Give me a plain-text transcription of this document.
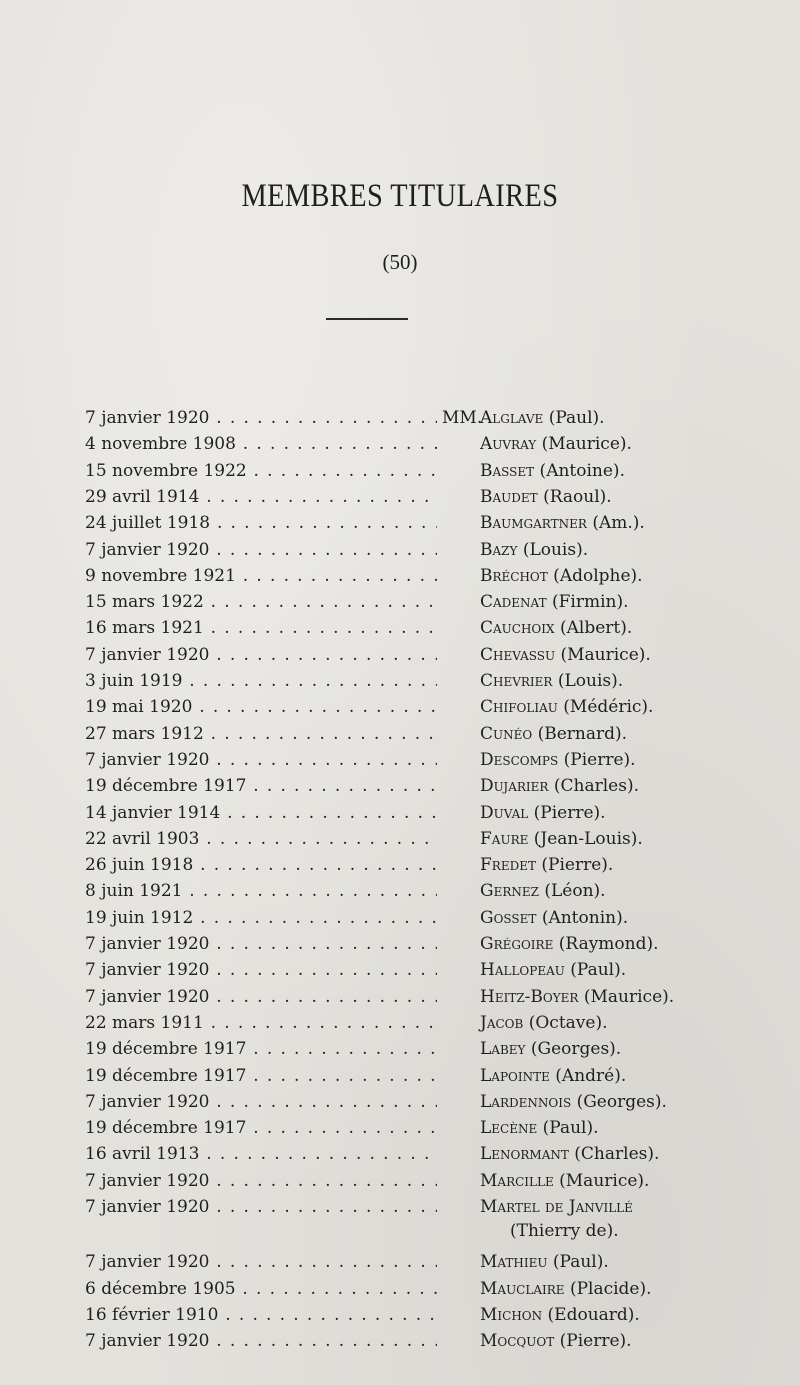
MEMBRES TITULAIRES
(50)
MM.
7 janvier 1920 . . .	Alglave (Paul).
4 novembre 1908 . . .	Auvray (Maurice).
15 novembre 1922 . . .	Basset (Antoine).
29 avril 1914 . . .	Baudet (Raoul).
24 juillet 1918 . . .	Baumgartner (Am.).
7 janvier 1920 . . .	Bazy (Louis).
9 novembre 1921 . . .	Bréchot (Adolphe).
15 mars 1922 . . .	Cadenat (Firmin).
16 mars 1921 . . .	Cauchoix (Albert).
7 janvier 1920 . . .	Chevassu (Maurice).
3 juin 1919 . . .	Chevrier (Louis).
19 mai 1920 . . .	Chifoliau (Médéric).
27 mars 1912 . . .	Cunéo (Bernard).
7 janvier 1920 . . .	Descomps (Pierre).
19 décembre 1917 . . .	Dujarier (Charles).
14 janvier 1914 . . .	Duval (Pierre).
22 avril 1903 . . .	Faure (Jean-Louis).
26 juin 1918 . . .	Fredet (Pierre).
8 juin 1921 . . .	Gernez (Léon).
19 juin 1912 . . .	Gosset (Antonin).
7 janvier 1920 . . .	Grégoire (Raymond).
7 janvier 1920 . . .	Hallopeau (Paul).
7 janvier 1920 . . .	Heitz-Boyer (Maurice).
22 mars 1911 . . .	Jacob (Octave).
19 décembre 1917 . . .	Labey (Georges).
19 décembre 1917 . . .	Lapointe (André).
7 janvier 1920 . . .	Lardennois (Georges).
19 décembre 1917 . . .	Lecène (Paul).
16 avril 1913 . . .	Lenormant (Charles).
7 janvier 1920 . . .	Marcille (Maurice).
7 janvier 1920 . . .	Martel de Janvillé
(Thierry de).
7 janvier 1920 . . .	Mathieu (Paul).
6 décembre 1905 . . .	Mauclaire (Placide).
16 février 1910 . . .	Michon (Edouard).
7 janvier 1920 . . .	Mocquot (Pierre).
